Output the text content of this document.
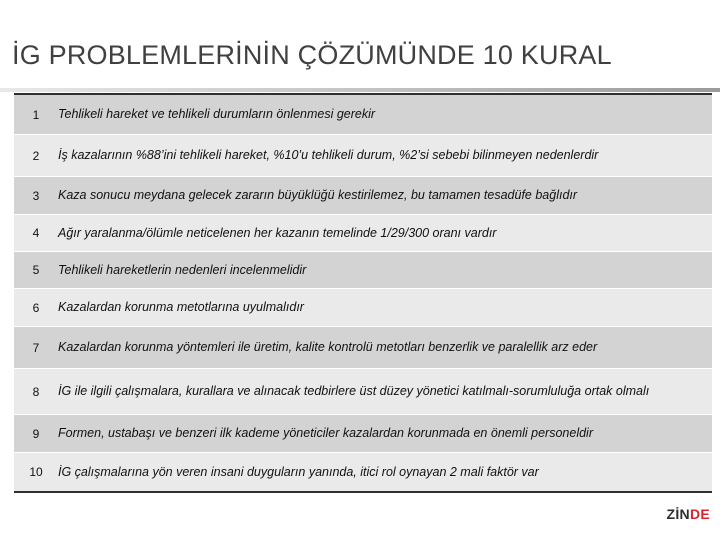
İG PROBLEMLERİNİN ÇÖZÜMÜNDE 10 KURAL
1	Tehlikeli hareket ve tehlikeli durumların önlenmesi gerekir
2	İş kazalarının %88’ini tehlikeli hareket, %10’u tehlikeli durum, %2’si sebebi bilinmeyen nedenlerdir
3	Kaza sonucu meydana gelecek zararın büyüklüğü kestirilemez, bu tamamen tesadüfe bağlıdır
4	Ağır yaralanma/ölümle neticelenen her kazanın temelinde 1/29/300 oranı vardır
5	Tehlikeli hareketlerin nedenleri incelenmelidir
6	Kazalardan korunma metotlarına uyulmalıdır
7	Kazalardan korunma yöntemleri ile üretim, kalite kontrolü metotları benzerlik ve paralellik arz eder
8	İG ile ilgili çalışmalara, kurallara ve alınacak tedbirlere üst düzey yönetici katılmalı-sorumluluğa ortak olmalı
9	Formen, ustabaşı ve benzeri ilk kademe yöneticiler kazalardan korunmada en önemli personeldir
10	İG çalışmalarına yön veren insani duyguların yanında, itici rol oynayan 2 mali faktör var
ZİNDE
